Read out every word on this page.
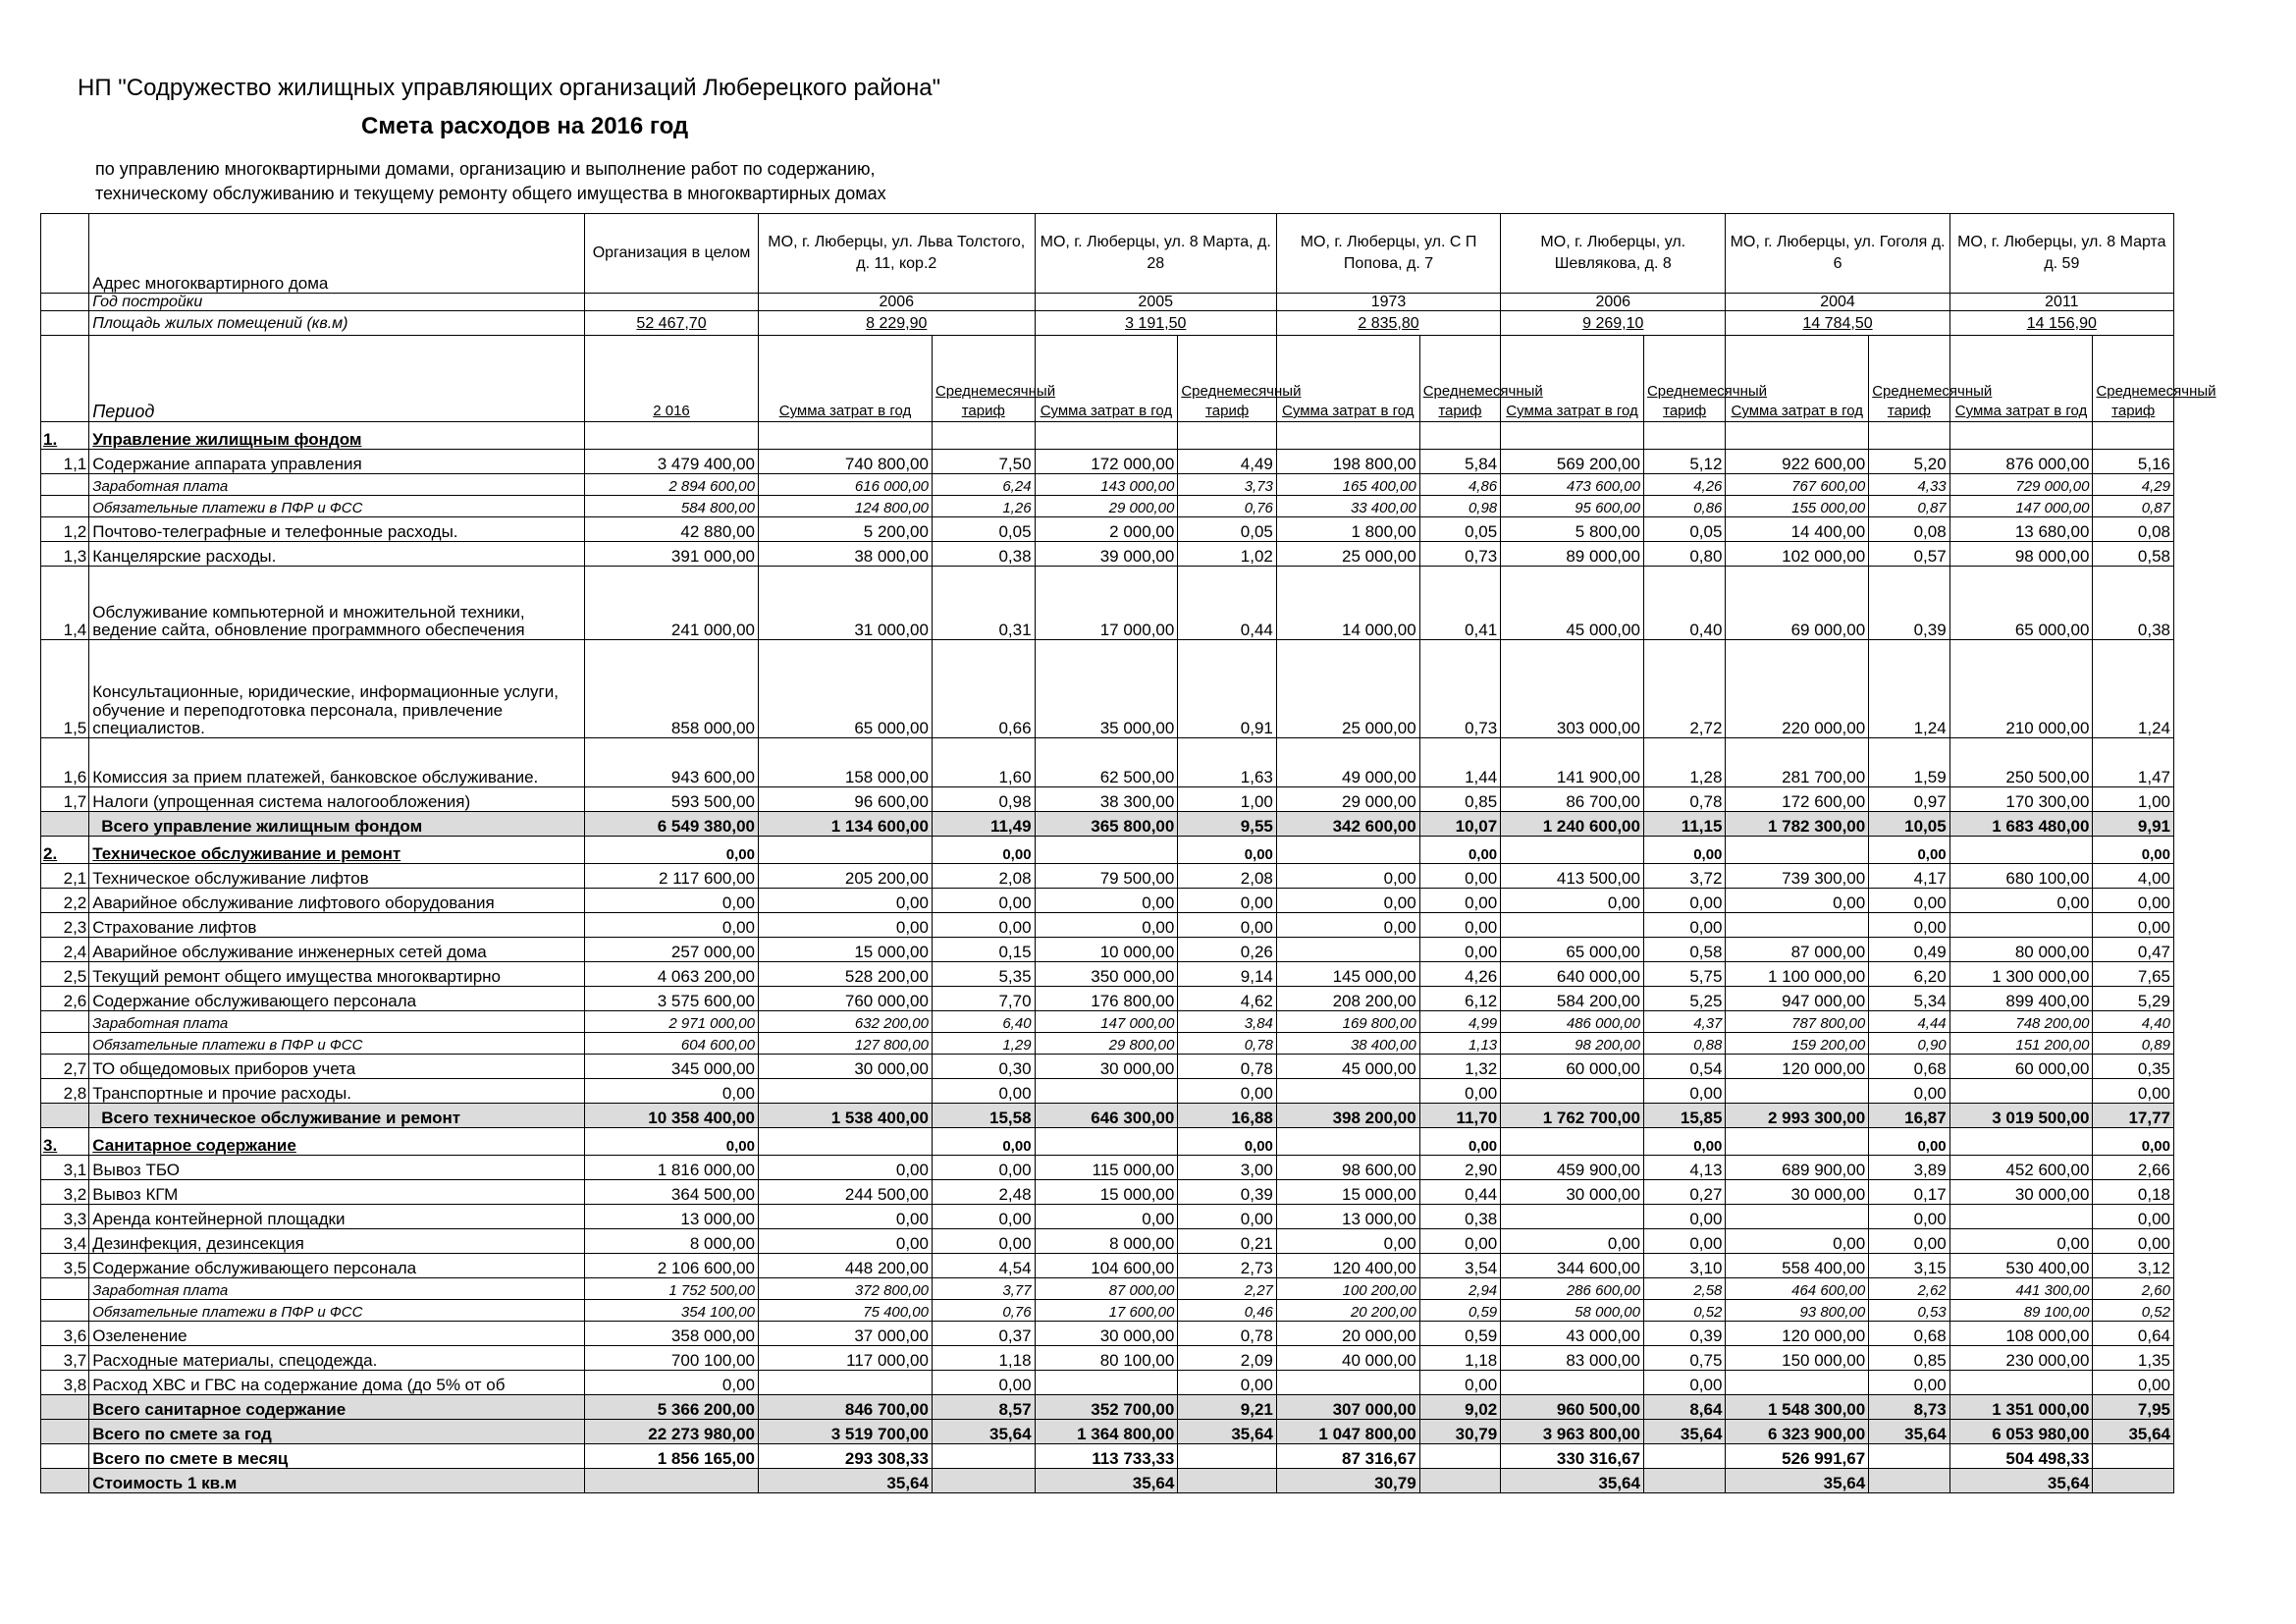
НП "Содружество жилищных управляющих организаций Люберецкого района"
Смета расходов на 2016 год
по управлению многоквартирными домами, организацию и выполнение работ по содержанию,
техническому обслуживанию и текущему ремонту общего имущества в многоквартирных домах
	Адрес многоквартирного дома	Организация в целом	МО, г. Люберцы, ул. Льва Толстого, д. 11, кор.2		МО, г. Люберцы, ул. 8 Марта, д. 28		МО, г. Люберцы, ул. С П Попова, д. 7		МО, г. Люберцы, ул. Шевлякова, д. 8		МО, г. Люберцы, ул. Гоголя д. 6		МО, г. Люберцы, ул. 8 Марта д. 59	
	Год постройки		2006		2005		1973		2006		2004		2011	
	Площадь жилых помещений (кв.м)	52 467,70	8 229,90		3 191,50		2 835,80		9 269,10		14 784,50		14 156,90	
	Период	2 016	Сумма затрат в год	Среднемесячный тариф	Сумма затрат в год	Среднемесячный тариф	Сумма затрат в год	Среднемесячный тариф	Сумма затрат в год	Среднемесячный тариф	Сумма затрат в год	Среднемесячный тариф	Сумма затрат в год	Среднемесячный тариф
1.	Управление жилищным фондом													
1,1	Содержание аппарата управления	3 479 400,00	740 800,00	7,50	172 000,00	4,49	198 800,00	5,84	569 200,00	5,12	922 600,00	5,20	876 000,00	5,16
	Заработная плата	2 894 600,00	616 000,00	6,24	143 000,00	3,73	165 400,00	4,86	473 600,00	4,26	767 600,00	4,33	729 000,00	4,29
	Обязательные платежи в ПФР и ФСС	584 800,00	124 800,00	1,26	29 000,00	0,76	33 400,00	0,98	95 600,00	0,86	155 000,00	0,87	147 000,00	0,87
1,2	Почтово-телеграфные и телефонные расходы.	42 880,00	5 200,00	0,05	2 000,00	0,05	1 800,00	0,05	5 800,00	0,05	14 400,00	0,08	13 680,00	0,08
1,3	Канцелярские расходы.	391 000,00	38 000,00	0,38	39 000,00	1,02	25 000,00	0,73	89 000,00	0,80	102 000,00	0,57	98 000,00	0,58
1,4	Обслуживание компьютерной и множительной техники, ведение сайта, обновление программного обеспечения	241 000,00	31 000,00	0,31	17 000,00	0,44	14 000,00	0,41	45 000,00	0,40	69 000,00	0,39	65 000,00	0,38
1,5	Консультационные, юридические, информационные услуги, обучение и переподготовка персонала, привлечение специалистов.	858 000,00	65 000,00	0,66	35 000,00	0,91	25 000,00	0,73	303 000,00	2,72	220 000,00	1,24	210 000,00	1,24
1,6	Комиссия за прием платежей, банковское обслуживание.	943 600,00	158 000,00	1,60	62 500,00	1,63	49 000,00	1,44	141 900,00	1,28	281 700,00	1,59	250 500,00	1,47
1,7	Налоги (упрощенная система налогообложения)	593 500,00	96 600,00	0,98	38 300,00	1,00	29 000,00	0,85	86 700,00	0,78	172 600,00	0,97	170 300,00	1,00
	Всего управление жилищным фондом	6 549 380,00	1 134 600,00	11,49	365 800,00	9,55	342 600,00	10,07	1 240 600,00	11,15	1 782 300,00	10,05	1 683 480,00	9,91
2.	Техническое обслуживание и ремонт	0,00		0,00		0,00		0,00		0,00		0,00		0,00
2,1	Техническое обслуживание лифтов	2 117 600,00	205 200,00	2,08	79 500,00	2,08	0,00	0,00	413 500,00	3,72	739 300,00	4,17	680 100,00	4,00
2,2	Аварийное обслуживание лифтового оборудования	0,00	0,00	0,00	0,00	0,00	0,00	0,00	0,00	0,00	0,00	0,00	0,00	0,00
2,3	Страхование лифтов	0,00	0,00	0,00	0,00	0,00	0,00	0,00		0,00		0,00		0,00
2,4	Аварийное обслуживание инженерных сетей дома	257 000,00	15 000,00	0,15	10 000,00	0,26		0,00	65 000,00	0,58	87 000,00	0,49	80 000,00	0,47
2,5	Текущий ремонт общего имущества многоквартирно	4 063 200,00	528 200,00	5,35	350 000,00	9,14	145 000,00	4,26	640 000,00	5,75	1 100 000,00	6,20	1 300 000,00	7,65
2,6	Содержание обслуживающего персонала	3 575 600,00	760 000,00	7,70	176 800,00	4,62	208 200,00	6,12	584 200,00	5,25	947 000,00	5,34	899 400,00	5,29
	Заработная плата	2 971 000,00	632 200,00	6,40	147 000,00	3,84	169 800,00	4,99	486 000,00	4,37	787 800,00	4,44	748 200,00	4,40
	Обязательные платежи в ПФР и ФСС	604 600,00	127 800,00	1,29	29 800,00	0,78	38 400,00	1,13	98 200,00	0,88	159 200,00	0,90	151 200,00	0,89
2,7	ТО общедомовых приборов учета	345 000,00	30 000,00	0,30	30 000,00	0,78	45 000,00	1,32	60 000,00	0,54	120 000,00	0,68	60 000,00	0,35
2,8	Транспортные и прочие расходы.	0,00		0,00		0,00		0,00		0,00		0,00		0,00
	Всего техническое обслуживание и ремонт	10 358 400,00	1 538 400,00	15,58	646 300,00	16,88	398 200,00	11,70	1 762 700,00	15,85	2 993 300,00	16,87	3 019 500,00	17,77
3.	Санитарное содержание	0,00		0,00		0,00		0,00		0,00		0,00		0,00
3,1	Вывоз ТБО	1 816 000,00	0,00	0,00	115 000,00	3,00	98 600,00	2,90	459 900,00	4,13	689 900,00	3,89	452 600,00	2,66
3,2	Вывоз КГМ	364 500,00	244 500,00	2,48	15 000,00	0,39	15 000,00	0,44	30 000,00	0,27	30 000,00	0,17	30 000,00	0,18
3,3	Аренда контейнерной площадки	13 000,00	0,00	0,00	0,00	0,00	13 000,00	0,38		0,00		0,00		0,00
3,4	Дезинфекция, дезинсекция	8 000,00	0,00	0,00	8 000,00	0,21	0,00	0,00	0,00	0,00	0,00	0,00	0,00	0,00
3,5	Содержание обслуживающего персонала	2 106 600,00	448 200,00	4,54	104 600,00	2,73	120 400,00	3,54	344 600,00	3,10	558 400,00	3,15	530 400,00	3,12
	Заработная плата	1 752 500,00	372 800,00	3,77	87 000,00	2,27	100 200,00	2,94	286 600,00	2,58	464 600,00	2,62	441 300,00	2,60
	Обязательные платежи в ПФР и ФСС	354 100,00	75 400,00	0,76	17 600,00	0,46	20 200,00	0,59	58 000,00	0,52	93 800,00	0,53	89 100,00	0,52
3,6	Озеленение	358 000,00	37 000,00	0,37	30 000,00	0,78	20 000,00	0,59	43 000,00	0,39	120 000,00	0,68	108 000,00	0,64
3,7	Расходные материалы, спецодежда.	700 100,00	117 000,00	1,18	80 100,00	2,09	40 000,00	1,18	83 000,00	0,75	150 000,00	0,85	230 000,00	1,35
3,8	Расход ХВС и ГВС на содержание дома (до 5% от об	0,00		0,00		0,00		0,00		0,00		0,00		0,00
	Всего санитарное содержание	5 366 200,00	846 700,00	8,57	352 700,00	9,21	307 000,00	9,02	960 500,00	8,64	1 548 300,00	8,73	1 351 000,00	7,95
	Всего по смете за год	22 273 980,00	3 519 700,00	35,64	1 364 800,00	35,64	1 047 800,00	30,79	3 963 800,00	35,64	6 323 900,00	35,64	6 053 980,00	35,64
	Всего по смете в месяц	1 856 165,00	293 308,33		113 733,33		87 316,67		330 316,67		526 991,67		504 498,33	
	Стоимость 1 кв.м		35,64		35,64		30,79		35,64		35,64		35,64	
